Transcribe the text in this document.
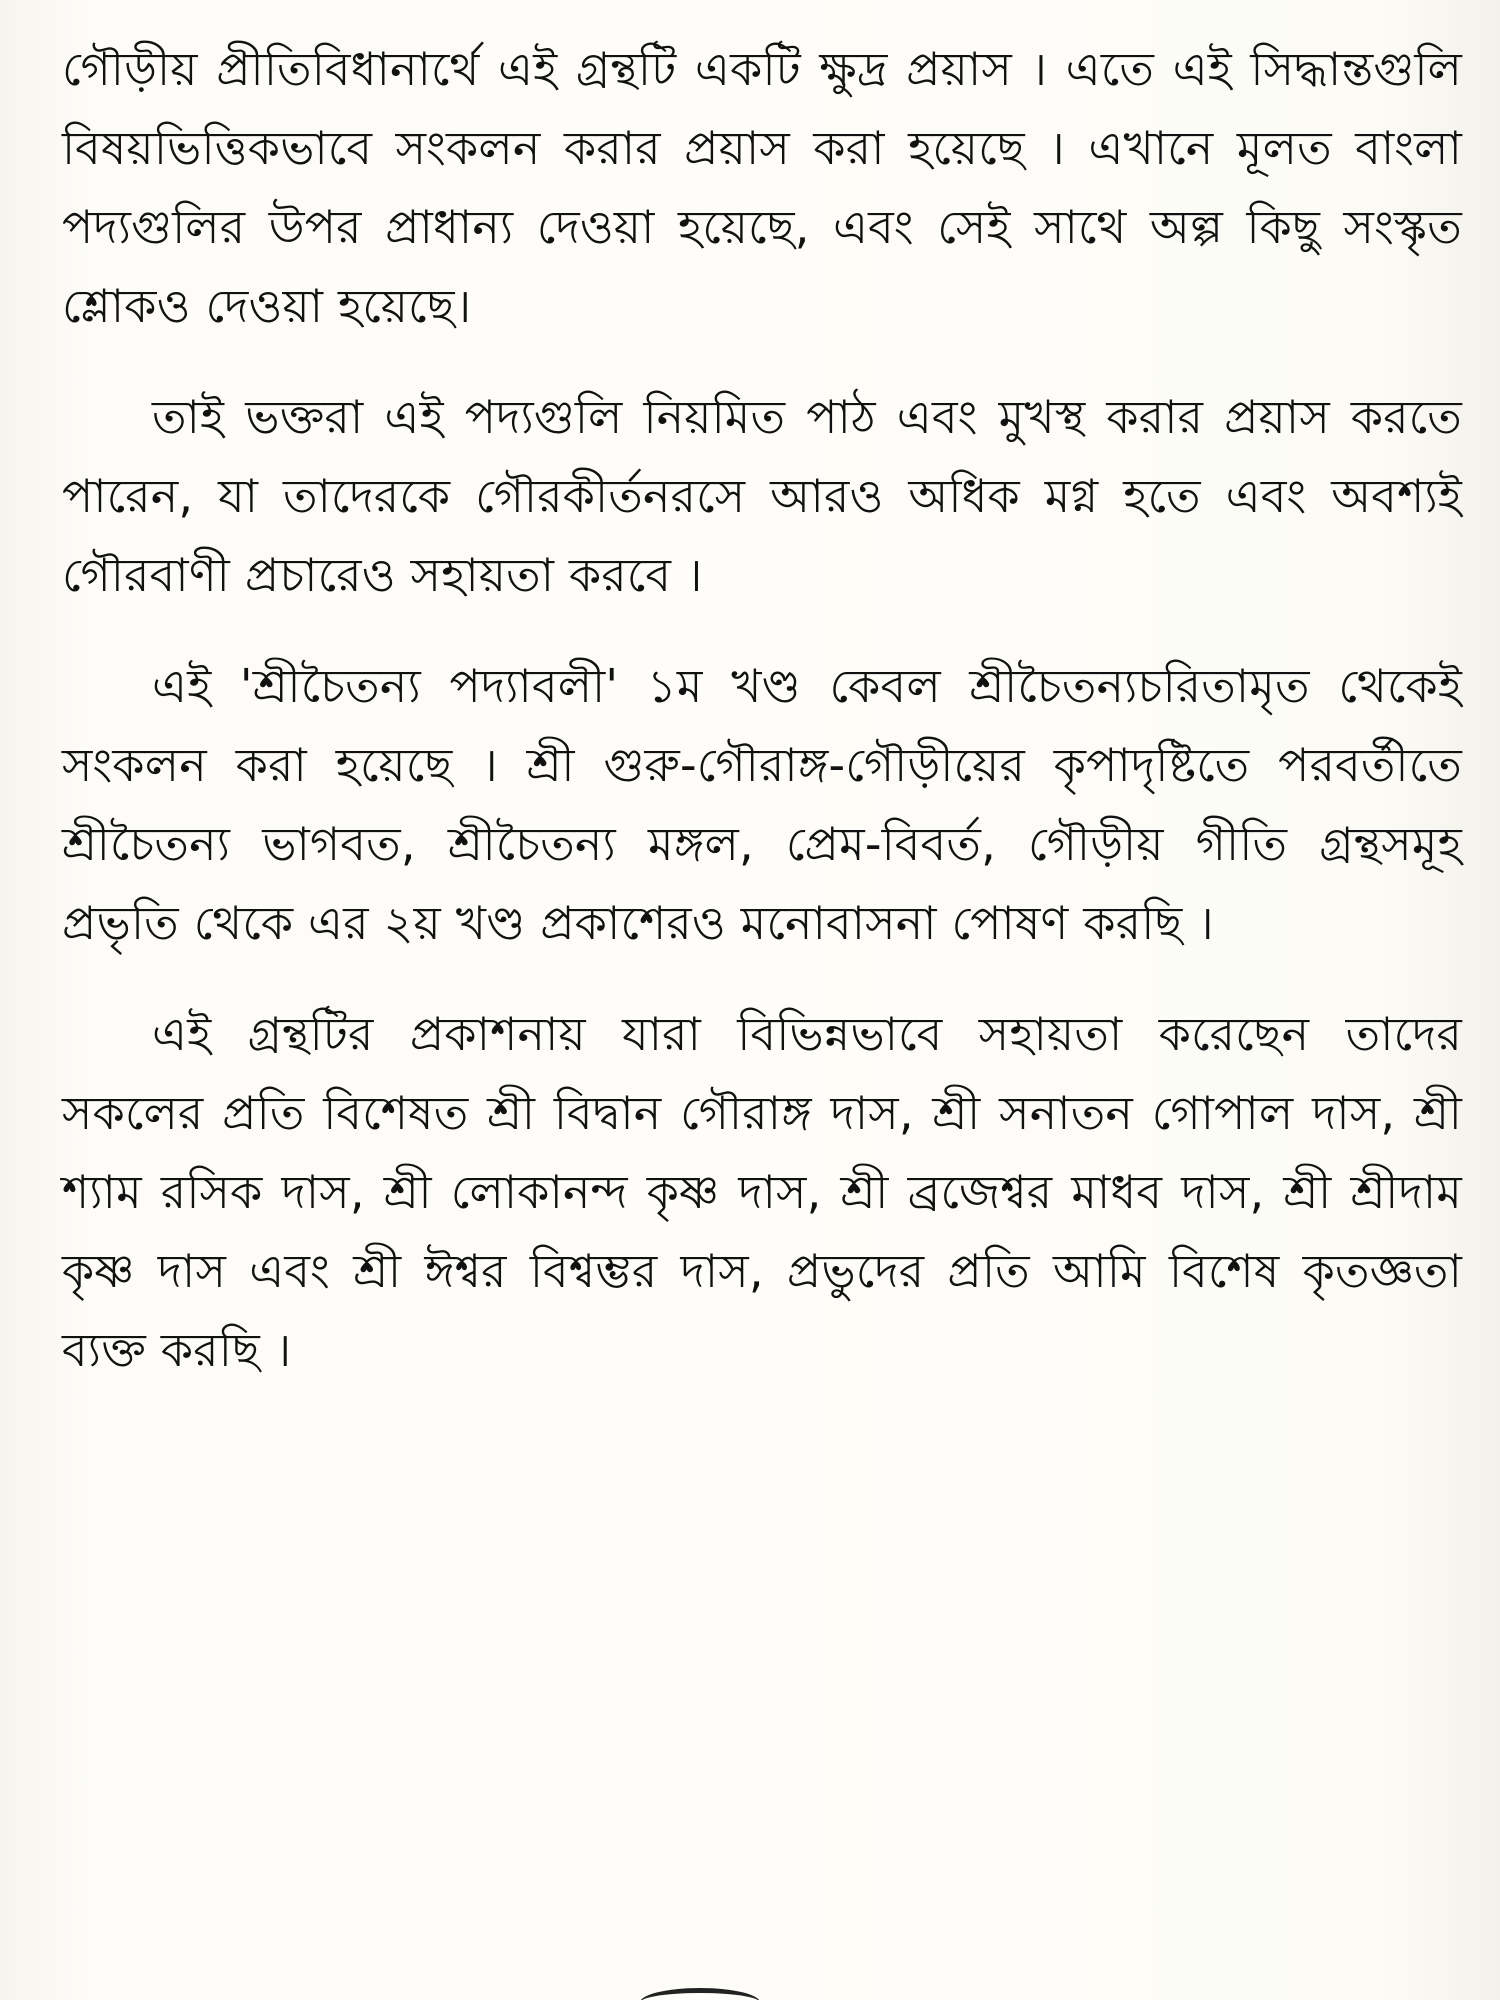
গৌড়ীয় প্রীতিবিধানার্থে এই গ্রন্থটি একটি ক্ষুদ্র প্রয়াস । এতে এই সিদ্ধান্তগুলি বিষয়ভিত্তিকভাবে সংকলন করার প্রয়াস করা হয়েছে । এখানে মূলত বাংলা পদ্যগুলির উপর প্রাধান্য দেওয়া হয়েছে, এবং সেই সাথে অল্প কিছু সংস্কৃত শ্লোকও দেওয়া হয়েছে।

তাই ভক্তরা এই পদ্যগুলি নিয়মিত পাঠ এবং মুখস্থ করার প্রয়াস করতে পারেন, যা তাদেরকে গৌরকীর্তনরসে আরও অধিক মগ্ন হতে এবং অবশ্যই গৌরবাণী প্রচারেও সহায়তা করবে ।

এই 'শ্রীচৈতন্য পদ্যাবলী' ১ম খণ্ড কেবল শ্রীচৈতন্যচরিতামৃত থেকেই সংকলন করা হয়েছে । শ্রী গুরু-গৌরাঙ্গ-গৌড়ীয়ের কৃপাদৃষ্টিতে পরবর্তীতে শ্রীচৈতন্য ভাগবত, শ্রীচৈতন্য মঙ্গল, প্রেম-বিবর্ত, গৌড়ীয় গীতি গ্রন্থসমূহ প্রভৃতি থেকে এর ২য় খণ্ড প্রকাশেরও মনোবাসনা পোষণ করছি ।

এই গ্রন্থটির প্রকাশনায় যারা বিভিন্নভাবে সহায়তা করেছেন তাদের সকলের প্রতি বিশেষত শ্রী বিদ্বান গৌরাঙ্গ দাস, শ্রী সনাতন গোপাল দাস, শ্রী শ্যাম রসিক দাস, শ্রী লোকানন্দ কৃষ্ণ দাস, শ্রী ব্রজেশ্বর মাধব দাস, শ্রী শ্রীদাম কৃষ্ণ দাস এবং শ্রী ঈশ্বর বিশ্বম্ভর দাস, প্রভুদের প্রতি আমি বিশেষ কৃতজ্ঞতা ব্যক্ত করছি ।
